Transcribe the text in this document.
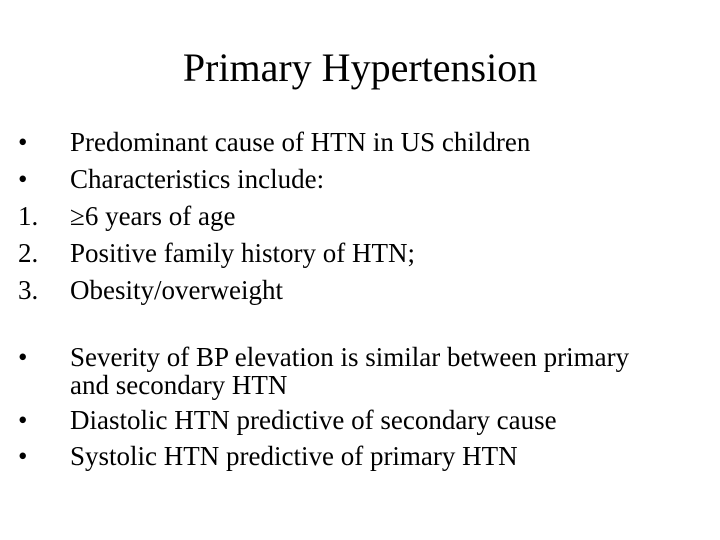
Primary Hypertension
•	Predominant cause of HTN in US children
•	Characteristics include:
1.	≥6 years of age
2.	Positive family history of HTN;
3.	Obesity/overweight
•	Severity of BP elevation is similar between primary and secondary HTN
•	Diastolic HTN predictive of secondary cause
•	Systolic HTN predictive of primary HTN
